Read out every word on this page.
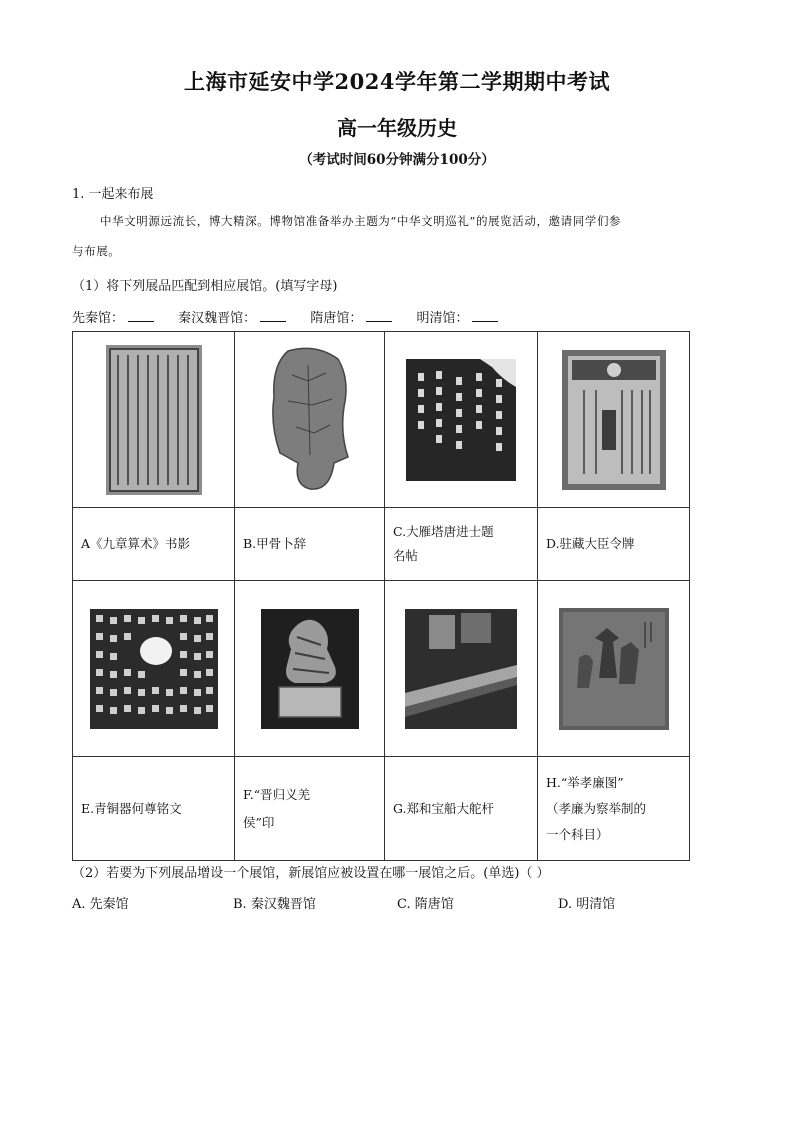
上海市延安中学2024学年第二学期期中考试
高一年级历史
（考试时间60分钟满分100分）
1. 一起来布展
中华文明源远流长，博大精深。博物馆准备举办主题为“中华文明巡礼”的展览活动，邀请同学们参
与布展。
（1）将下列展品匹配到相应展馆。(填写字母)
先秦馆：	秦汉魏晋馆：	隋唐馆：	明清馆：

A《九章算术》书影	B.甲骨卜辞	C.大雁塔唐进士题
名帖	D.驻藏大臣令牌

E.青铜器何尊铭文	F.“晋归义羌
侯”印	G.郑和宝船大舵杆	H.“举孝廉图”
（孝廉为察举制的
一个科目）
（2）若要为下列展品增设一个展馆，新展馆应被设置在哪一展馆之后。(单选)（ ）
A. 先秦馆	B. 秦汉魏晋馆	C. 隋唐馆	D. 明清馆
